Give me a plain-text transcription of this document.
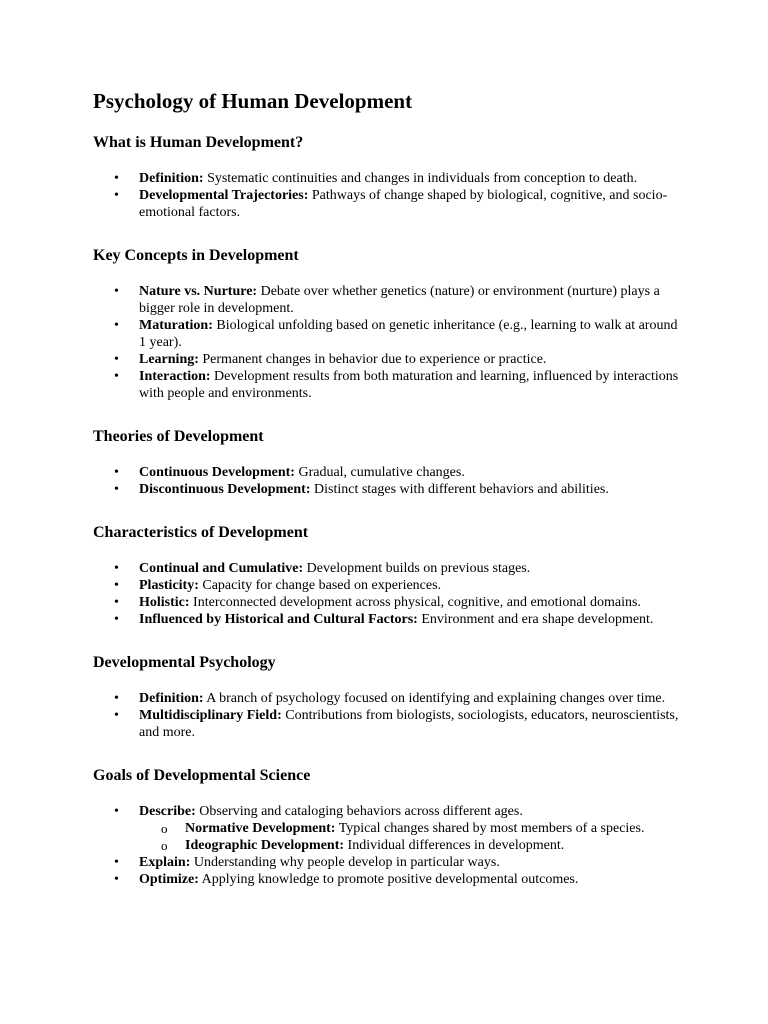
Psychology of Human Development
What is Human Development?
• Definition: Systematic continuities and changes in individuals from conception to death.
• Developmental Trajectories: Pathways of change shaped by biological, cognitive, and socio-emotional factors.
Key Concepts in Development
• Nature vs. Nurture: Debate over whether genetics (nature) or environment (nurture) plays a bigger role in development.
• Maturation: Biological unfolding based on genetic inheritance (e.g., learning to walk at around 1 year).
• Learning: Permanent changes in behavior due to experience or practice.
• Interaction: Development results from both maturation and learning, influenced by interactions with people and environments.
Theories of Development
• Continuous Development: Gradual, cumulative changes.
• Discontinuous Development: Distinct stages with different behaviors and abilities.
Characteristics of Development
• Continual and Cumulative: Development builds on previous stages.
• Plasticity: Capacity for change based on experiences.
• Holistic: Interconnected development across physical, cognitive, and emotional domains.
• Influenced by Historical and Cultural Factors: Environment and era shape development.
Developmental Psychology
• Definition: A branch of psychology focused on identifying and explaining changes over time.
• Multidisciplinary Field: Contributions from biologists, sociologists, educators, neuroscientists, and more.
Goals of Developmental Science
• Describe: Observing and cataloging behaviors across different ages.
o Normative Development: Typical changes shared by most members of a species.
o Ideographic Development: Individual differences in development.
• Explain: Understanding why people develop in particular ways.
• Optimize: Applying knowledge to promote positive developmental outcomes.
